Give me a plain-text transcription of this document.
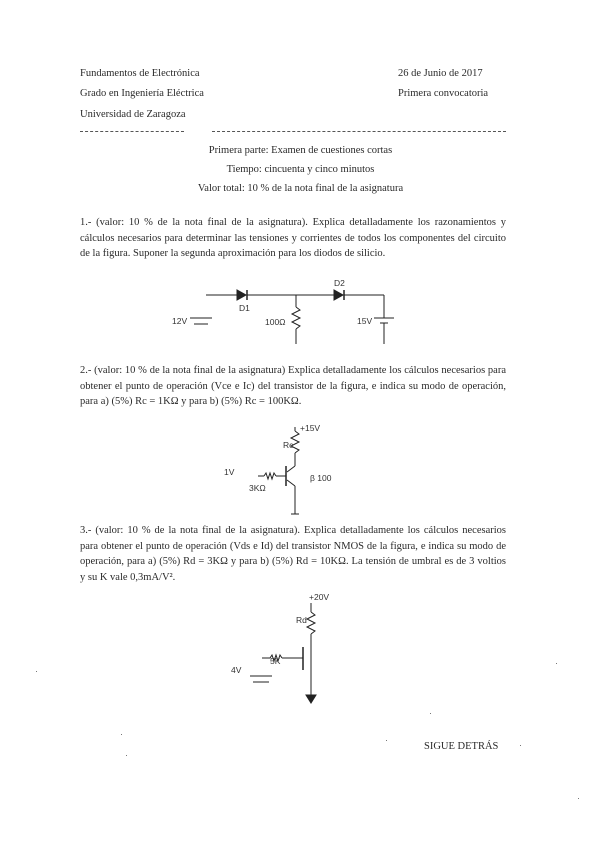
Fundamentos de Electrónica
Grado en Ingeniería Eléctrica
Universidad de Zaragoza
26 de Junio de 2017
Primera convocatoria
Primera parte: Examen de cuestiones cortas
Tiempo: cincuenta y cinco minutos
Valor total: 10 % de la nota final de la asignatura

1.- (valor: 10 % de la nota final de la asignatura). Explica detalladamente los razonamientos y cálculos necesarios para determinar las tensiones y corrientes de todos los componentes del circuito de la figura. Suponer la segunda aproximación para los diodos de silicio.

2.- (valor: 10 % de la nota final de la asignatura) Explica detalladamente los cálculos necesarios para obtener el punto de operación (Vce e Ic) del transistor de la figura, e indica su modo de operación, para a) (5%) Rc = 1KΩ y para b) (5%) Rc = 100KΩ.

3.- (valor: 10 % de la nota final de la asignatura). Explica detalladamente los cálculos necesarios para obtener el punto de operación (Vds e Id) del transistor NMOS de la figura, e indica su modo de operación, para a) (5%) Rd = 3KΩ y para b) (5%) Rd = 10KΩ. La tensión de umbral es de 3 voltios y su K vale 0,3mA/V².

D1
D2
12V	100Ω	15V
+15V
Rc
1V
3KΩ
β 100
+20V
Rd
4V
5K
SIGUE DETRÁS
